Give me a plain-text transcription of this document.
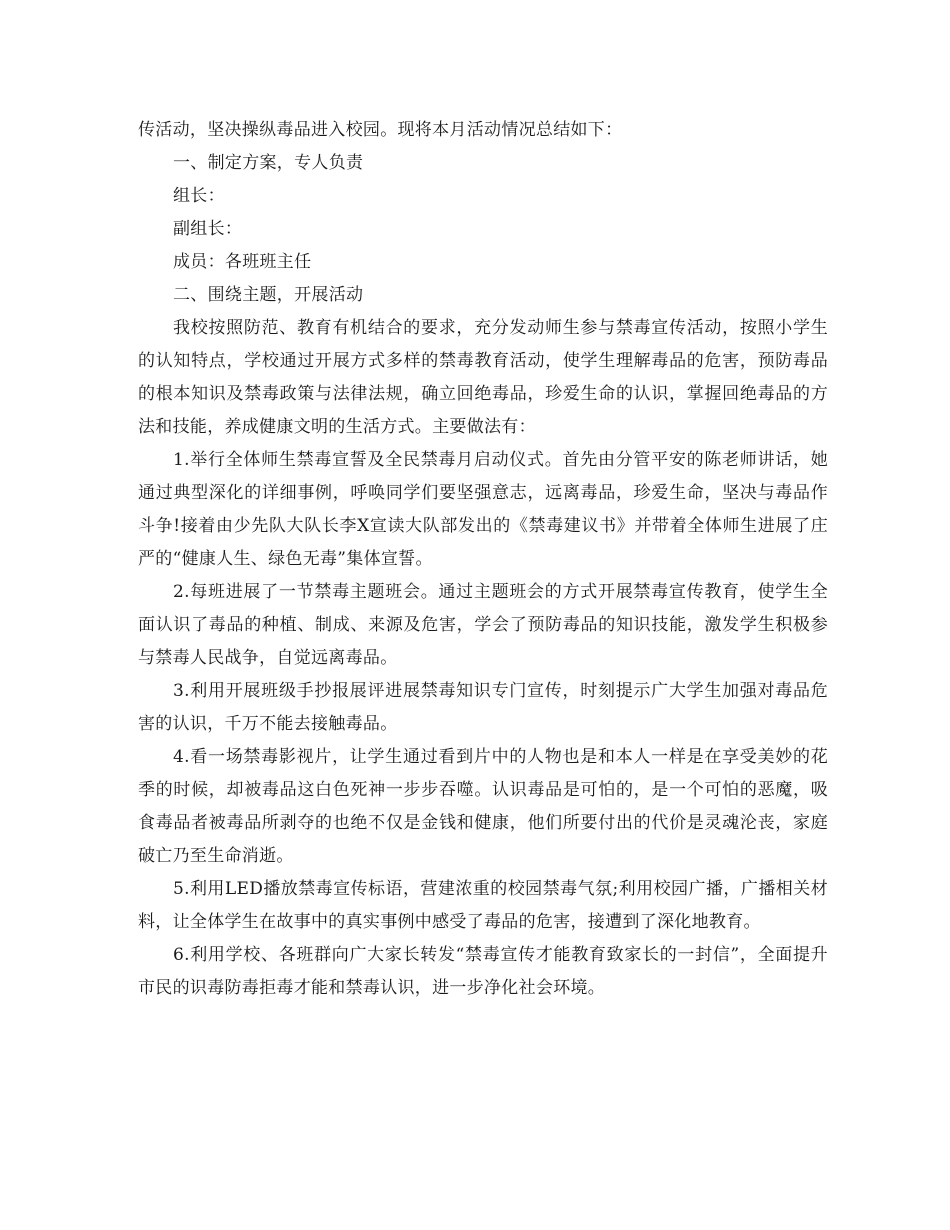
传活动，坚决操纵毒品进入校园。现将本月活动情况总结如下：

一、制定方案，专人负责

组长：

副组长：

成员：各班班主任

二、围绕主题，开展活动

我校按照防范、教育有机结合的要求，充分发动师生参与禁毒宣传活动，按照小学生的认知特点，学校通过开展方式多样的禁毒教育活动，使学生理解毒品的危害，预防毒品的根本知识及禁毒政策与法律法规，确立回绝毒品，珍爱生命的认识，掌握回绝毒品的方法和技能，养成健康文明的生活方式。主要做法有：

1.举行全体师生禁毒宣誓及全民禁毒月启动仪式。首先由分管平安的陈老师讲话，她通过典型深化的详细事例，呼唤同学们要坚强意志，远离毒品，珍爱生命，坚决与毒品作斗争!接着由少先队大队长李X宣读大队部发出的《禁毒建议书》并带着全体师生进展了庄严的“健康人生、绿色无毒”集体宣誓。

2.每班进展了一节禁毒主题班会。通过主题班会的方式开展禁毒宣传教育，使学生全面认识了毒品的种植、制成、来源及危害，学会了预防毒品的知识技能，激发学生积极参与禁毒人民战争，自觉远离毒品。

3.利用开展班级手抄报展评进展禁毒知识专门宣传，时刻提示广大学生加强对毒品危害的认识，千万不能去接触毒品。

4.看一场禁毒影视片，让学生通过看到片中的人物也是和本人一样是在享受美妙的花季的时候，却被毒品这白色死神一步步吞噬。认识毒品是可怕的，是一个可怕的恶魔，吸食毒品者被毒品所剥夺的也绝不仅是金钱和健康，他们所要付出的代价是灵魂沦丧，家庭破亡乃至生命消逝。

5.利用LED播放禁毒宣传标语，营建浓重的校园禁毒气氛;利用校园广播，广播相关材料，让全体学生在故事中的真实事例中感受了毒品的危害，接遭到了深化地教育。

6.利用学校、各班群向广大家长转发“禁毒宣传才能教育致家长的一封信”，全面提升市民的识毒防毒拒毒才能和禁毒认识，进一步净化社会环境。
